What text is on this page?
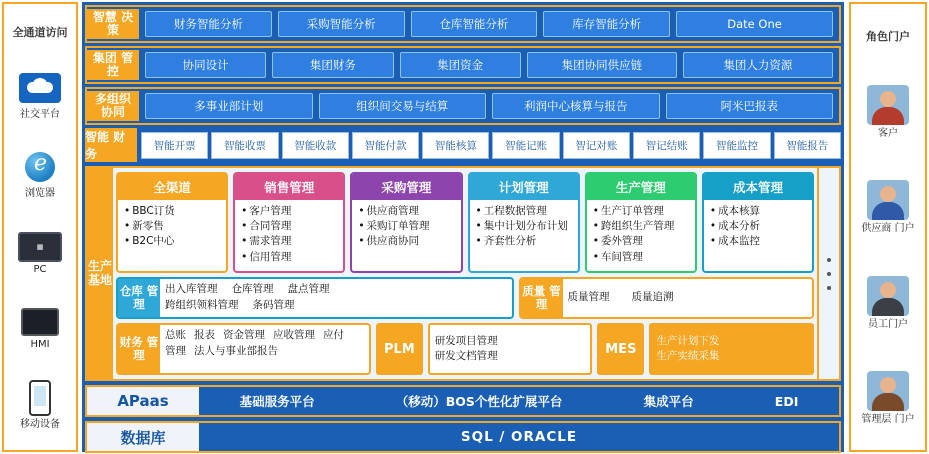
全通道访问
社交平台
e
浏览器
▦
PC
HMI
移动设备
智慧 决策	财务智能分析	采购智能分析	仓库智能分析	库存智能分析	Date One
集团 管控	协同设计	集团财务	集团资金	集团协同供应链	集团人力资源
多组织 协同	多事业部计划	组织间交易与结算	利润中心核算与报告	阿米巴报表
智能 财务
智能开票	智能收票	智能收款	智能付款	智能核算	智能记账	智记对账	智记结账	智能监控	智能报告
生产 基地
全渠道
• BBC订货
• 新零售
• B2C中心
销售管理
• 客户管理
• 合同管理
• 需求管理
• 信用管理
采购管理
• 供应商管理
• 采购订单管理
• 供应商协同
计划管理
• 工程数据管理
• 集中计划分布计划
• 齐套性分析
生产管理
• 生产订单管理
• 跨组织生产管理
• 委外管理
• 车间管理
成本管理
• 成本核算
• 成本分析
• 成本监控
仓库 管理
出入库管理 仓库管理 盘点管理
跨组织领料管理 条码管理
质量 管理	质量管理 质量追溯
财务 管理
总账 报表 资金管理 应收管理 应付
管理 法人与事业部报告	PLM
研发项目管理
研发文档管理	MES
生产计划下发
生产实绩采集
APaas	基础服务平台	（移动）BOS个性化扩展平台	集成平台	EDI
数据库	SQL / ORACLE
角色门户
客户
供应商 门户
员工门户
管理层 门户
